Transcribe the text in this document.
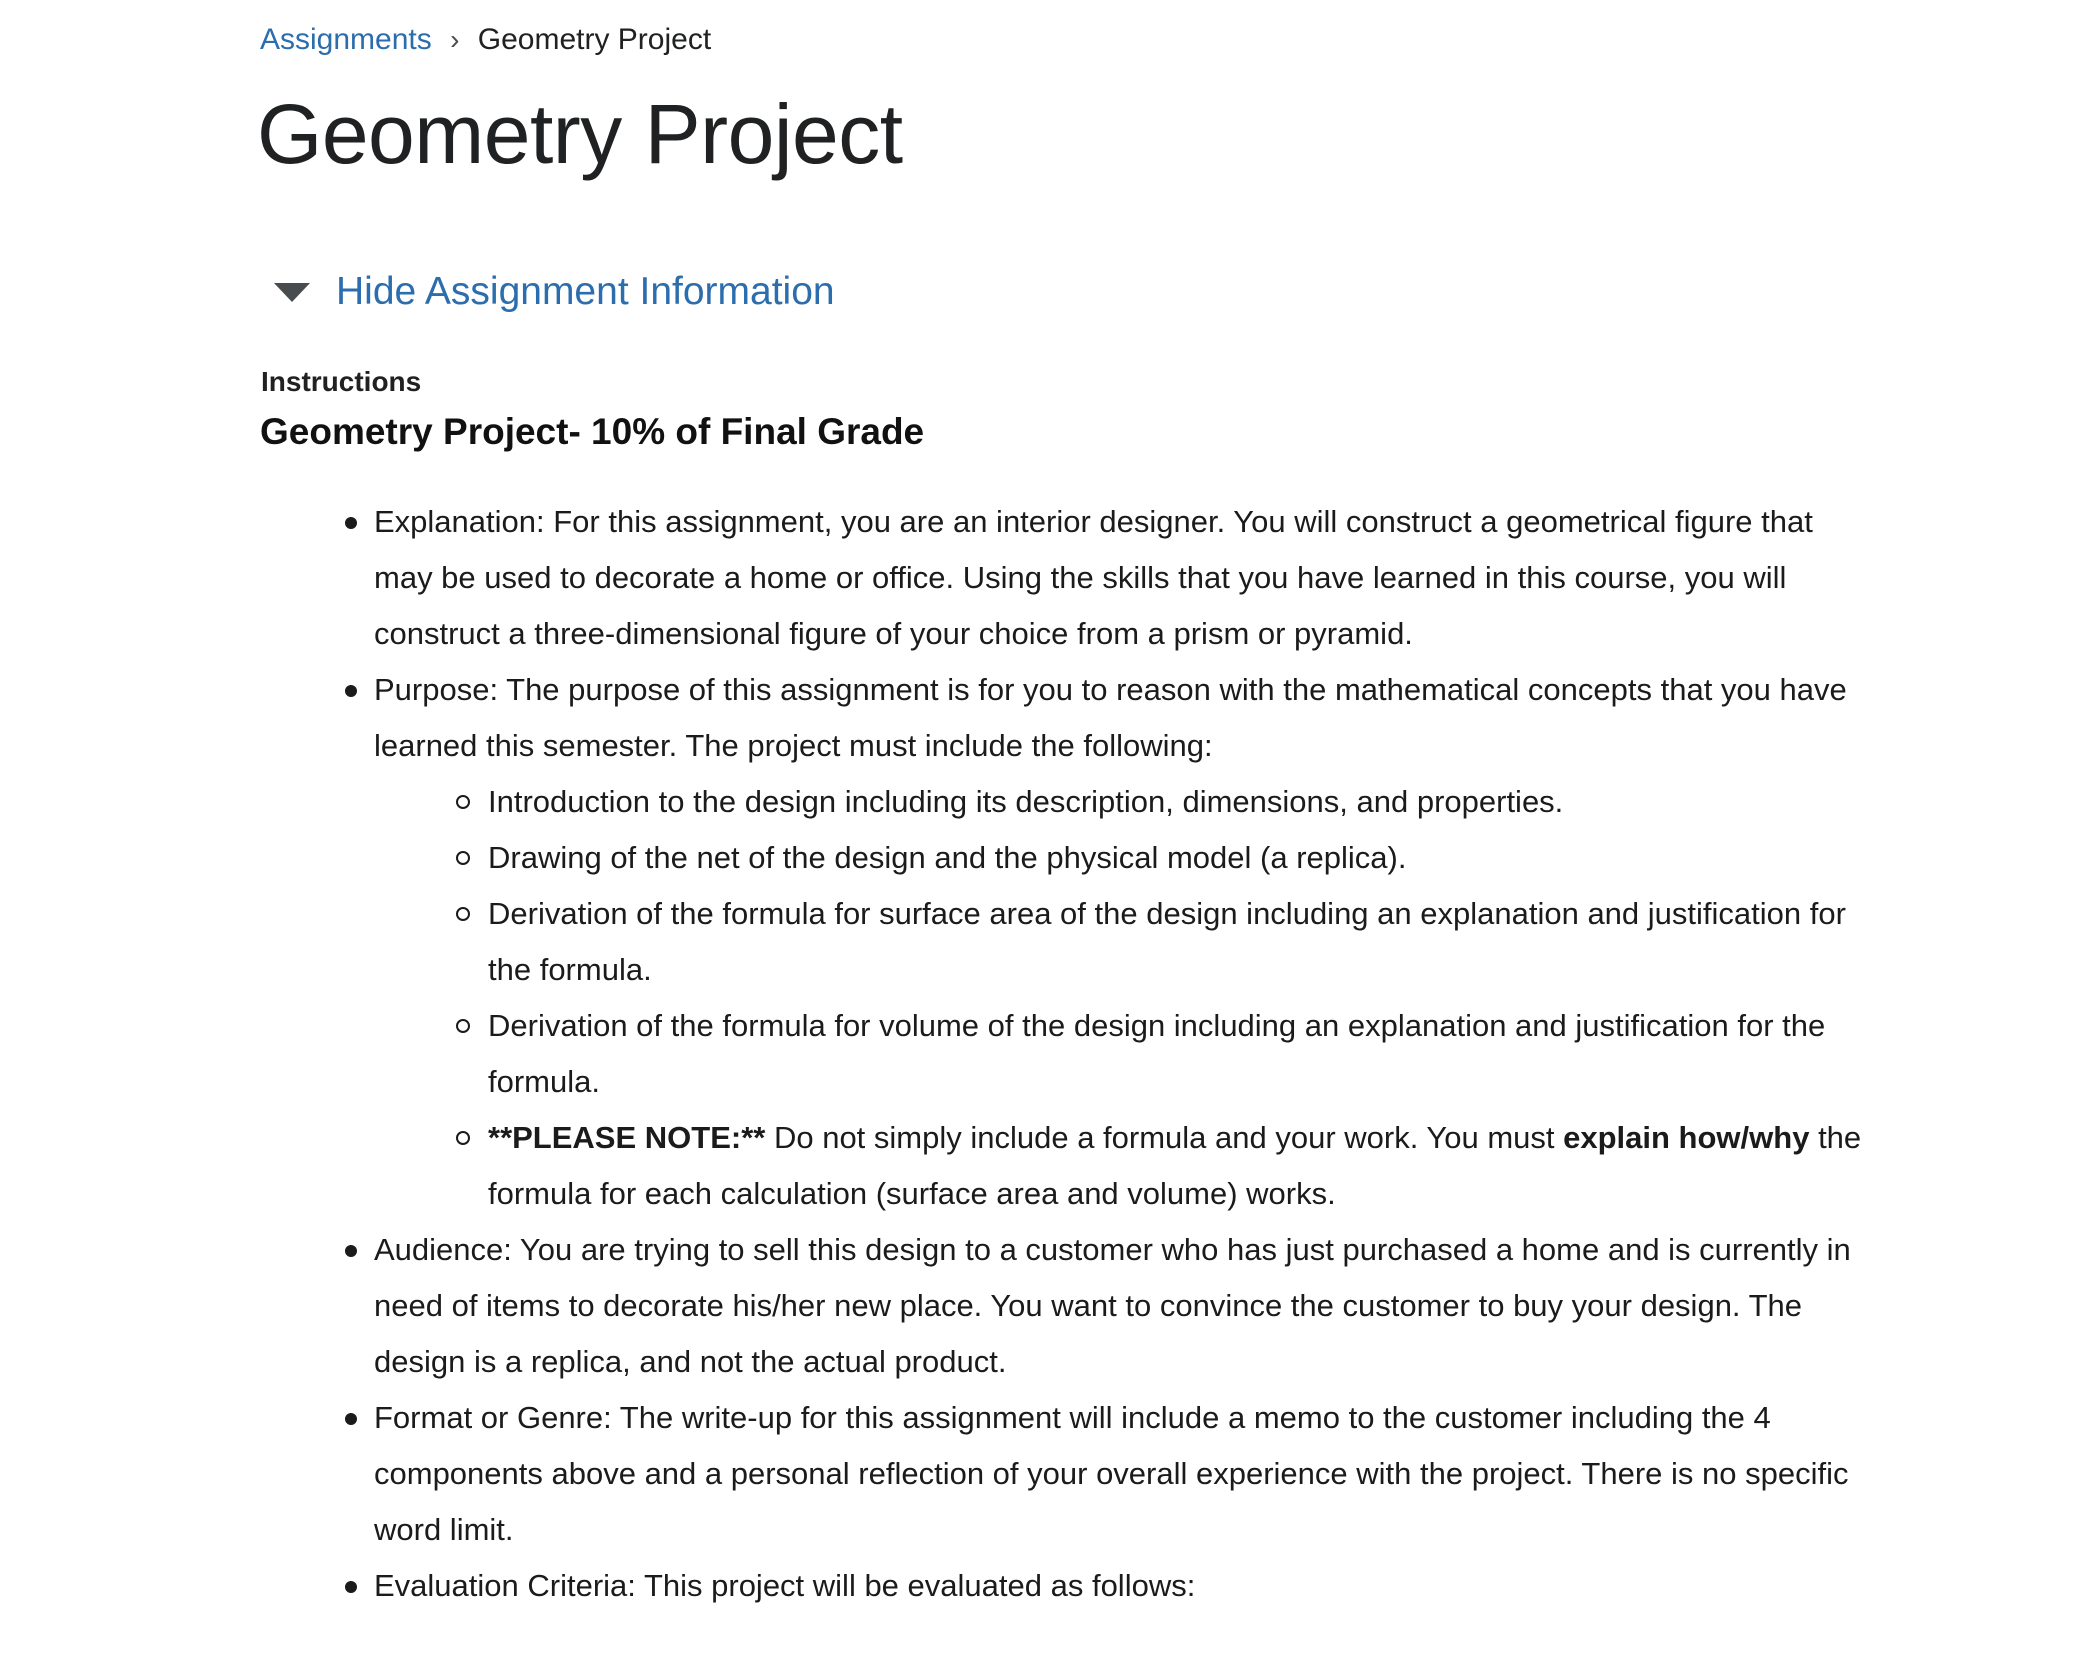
Assignments › Geometry Project
Geometry Project
Hide Assignment Information
Instructions
Geometry Project- 10% of Final Grade
Explanation: For this assignment, you are an interior designer. You will construct a geometrical figure that may be used to decorate a home or office. Using the skills that you have learned in this course, you will construct a three-dimensional figure of your choice from a prism or pyramid.
Purpose: The purpose of this assignment is for you to reason with the mathematical concepts that you have learned this semester. The project must include the following:
Introduction to the design including its description, dimensions, and properties.
Drawing of the net of the design and the physical model (a replica).
Derivation of the formula for surface area of the design including an explanation and justification for the formula.
Derivation of the formula for volume of the design including an explanation and justification for the formula.
**PLEASE NOTE:** Do not simply include a formula and your work. You must explain how/why the formula for each calculation (surface area and volume) works.
Audience: You are trying to sell this design to a customer who has just purchased a home and is currently in need of items to decorate his/her new place. You want to convince the customer to buy your design. The design is a replica, and not the actual product.
Format or Genre: The write-up for this assignment will include a memo to the customer including the 4 components above and a personal reflection of your overall experience with the project. There is no specific word limit.
Evaluation Criteria: This project will be evaluated as follows:
